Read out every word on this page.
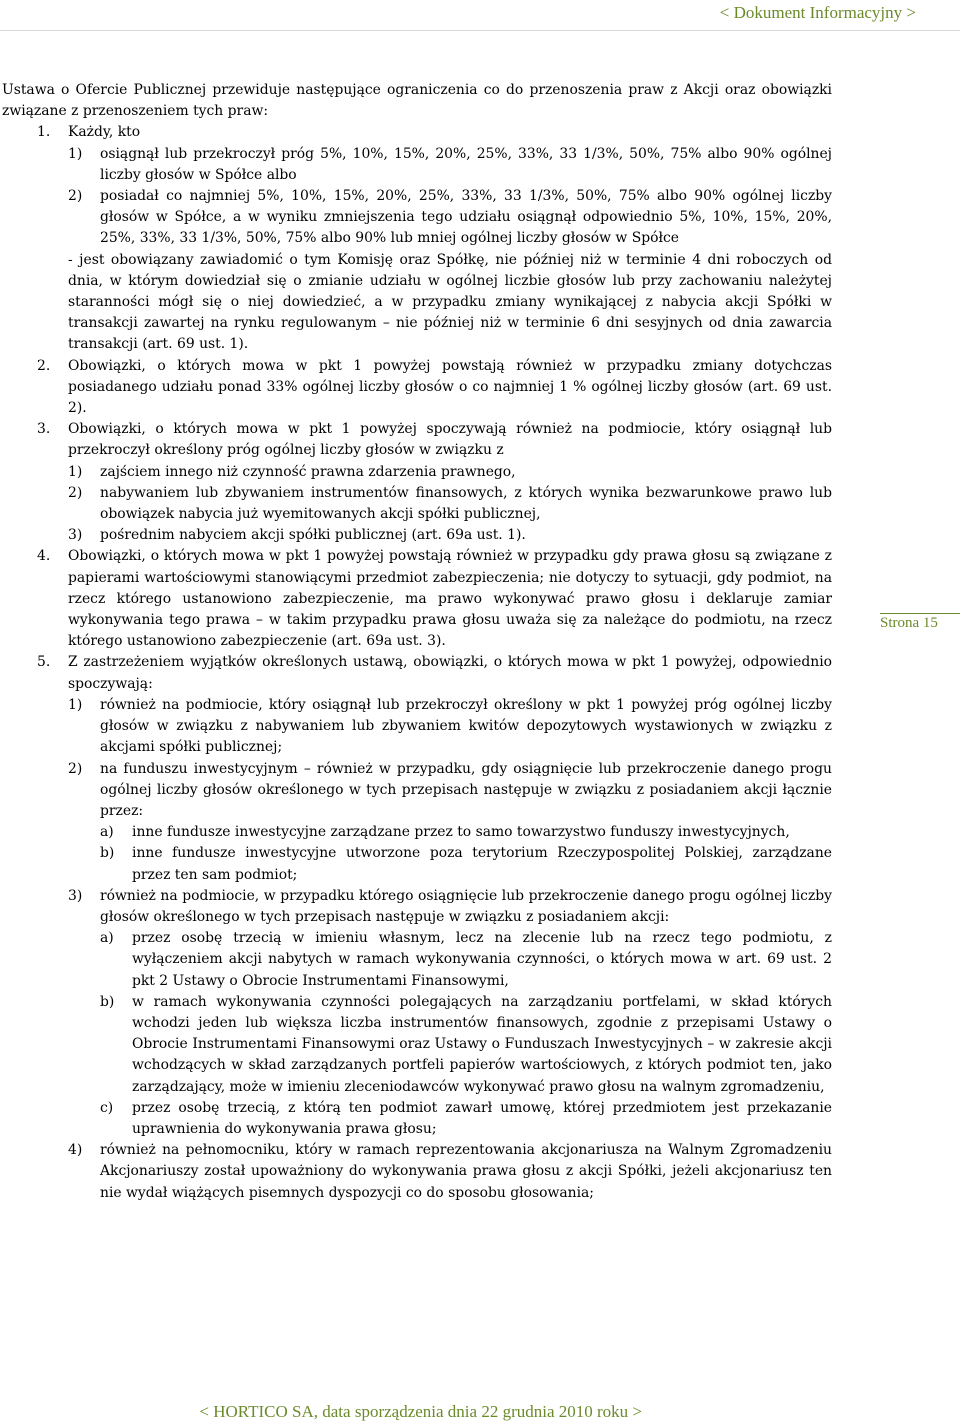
< Dokument Informacyjny >
Strona 15

Ustawa o Ofercie Publicznej przewiduje następujące ograniczenia co do przenoszenia praw z Akcji oraz obowiązki związane z przenoszeniem tych praw:

1.	Każdy, kto
1)	osiągnął lub przekroczył próg 5%, 10%, 15%, 20%, 25%, 33%, 33 1/3%, 50%, 75% albo 90% ogólnej liczby głosów w Spółce albo
2)	posiadał co najmniej 5%, 10%, 15%, 20%, 25%, 33%, 33 1/3%, 50%, 75% albo 90% ogólnej liczby głosów w Spółce, a w wyniku zmniejszenia tego udziału osiągnął odpowiednio 5%, 10%, 15%, 20%, 25%, 33%, 33 1/3%, 50%, 75% albo 90% lub mniej ogólnej liczby głosów w Spółce

- jest obowiązany zawiadomić o tym Komisję oraz Spółkę, nie później niż w terminie 4 dni roboczych od dnia, w którym dowiedział się o zmianie udziału w ogólnej liczbie głosów lub przy zachowaniu należytej staranności mógł się o niej dowiedzieć, a w przypadku zmiany wynikającej z nabycia akcji Spółki w transakcji zawartej na rynku regulowanym – nie później niż w terminie 6 dni sesyjnych od dnia zawarcia transakcji (art. 69 ust. 1).

2.	Obowiązki, o których mowa w pkt 1 powyżej powstają również w przypadku zmiany dotychczas posiadanego udziału ponad 33% ogólnej liczby głosów o co najmniej 1 % ogólnej liczby głosów (art. 69 ust. 2).
3.	Obowiązki, o których mowa w pkt 1 powyżej spoczywają również na podmiocie, który osiągnął lub przekroczył określony próg ogólnej liczby głosów w związku z
1)	zajściem innego niż czynność prawna zdarzenia prawnego,
2)	nabywaniem lub zbywaniem instrumentów finansowych, z których wynika bezwarunkowe prawo lub obowiązek nabycia już wyemitowanych akcji spółki publicznej,
3)	pośrednim nabyciem akcji spółki publicznej (art. 69a ust. 1).
4.	Obowiązki, o których mowa w pkt 1 powyżej powstają również w przypadku gdy prawa głosu są związane z papierami wartościowymi stanowiącymi przedmiot zabezpieczenia; nie dotyczy to sytuacji, gdy podmiot, na rzecz którego ustanowiono zabezpieczenie, ma prawo wykonywać prawo głosu i deklaruje zamiar wykonywania tego prawa – w takim przypadku prawa głosu uważa się za należące do podmiotu, na rzecz którego ustanowiono zabezpieczenie (art. 69a ust. 3).
5.	Z zastrzeżeniem wyjątków określonych ustawą, obowiązki, o których mowa w pkt 1 powyżej, odpowiednio spoczywają:
1)	również na podmiocie, który osiągnął lub przekroczył określony w pkt 1 powyżej próg ogólnej liczby głosów w związku z nabywaniem lub zbywaniem kwitów depozytowych wystawionych w związku z akcjami spółki publicznej;
2)	na funduszu inwestycyjnym – również w przypadku, gdy osiągnięcie lub przekroczenie danego progu ogólnej liczby głosów określonego w tych przepisach następuje w związku z posiadaniem akcji łącznie przez:
a)	inne fundusze inwestycyjne zarządzane przez to samo towarzystwo funduszy inwestycyjnych,
b)	inne fundusze inwestycyjne utworzone poza terytorium Rzeczypospolitej Polskiej, zarządzane przez ten sam podmiot;
3)	również na podmiocie, w przypadku którego osiągnięcie lub przekroczenie danego progu ogólnej liczby głosów określonego w tych przepisach następuje w związku z posiadaniem akcji:
a)	przez osobę trzecią w imieniu własnym, lecz na zlecenie lub na rzecz tego podmiotu, z wyłączeniem akcji nabytych w ramach wykonywania czynności, o których mowa w art. 69 ust. 2 pkt 2 Ustawy o Obrocie Instrumentami Finansowymi,
b)	w ramach wykonywania czynności polegających na zarządzaniu portfelami, w skład których wchodzi jeden lub większa liczba instrumentów finansowych, zgodnie z przepisami Ustawy o Obrocie Instrumentami Finansowymi oraz Ustawy o Funduszach Inwestycyjnych – w zakresie akcji wchodzących w skład zarządzanych portfeli papierów wartościowych, z których podmiot ten, jako zarządzający, może w imieniu zleceniodawców wykonywać prawo głosu na walnym zgromadzeniu,
c)	przez osobę trzecią, z którą ten podmiot zawarł umowę, której przedmiotem jest przekazanie uprawnienia do wykonywania prawa głosu;
4)	również na pełnomocniku, który w ramach reprezentowania akcjonariusza na Walnym Zgromadzeniu Akcjonariuszy został upoważniony do wykonywania prawa głosu z akcji Spółki, jeżeli akcjonariusz ten nie wydał wiążących pisemnych dyspozycji co do sposobu głosowania;
< HORTICO SA, data sporządzenia dnia 22 grudnia 2010 roku >
